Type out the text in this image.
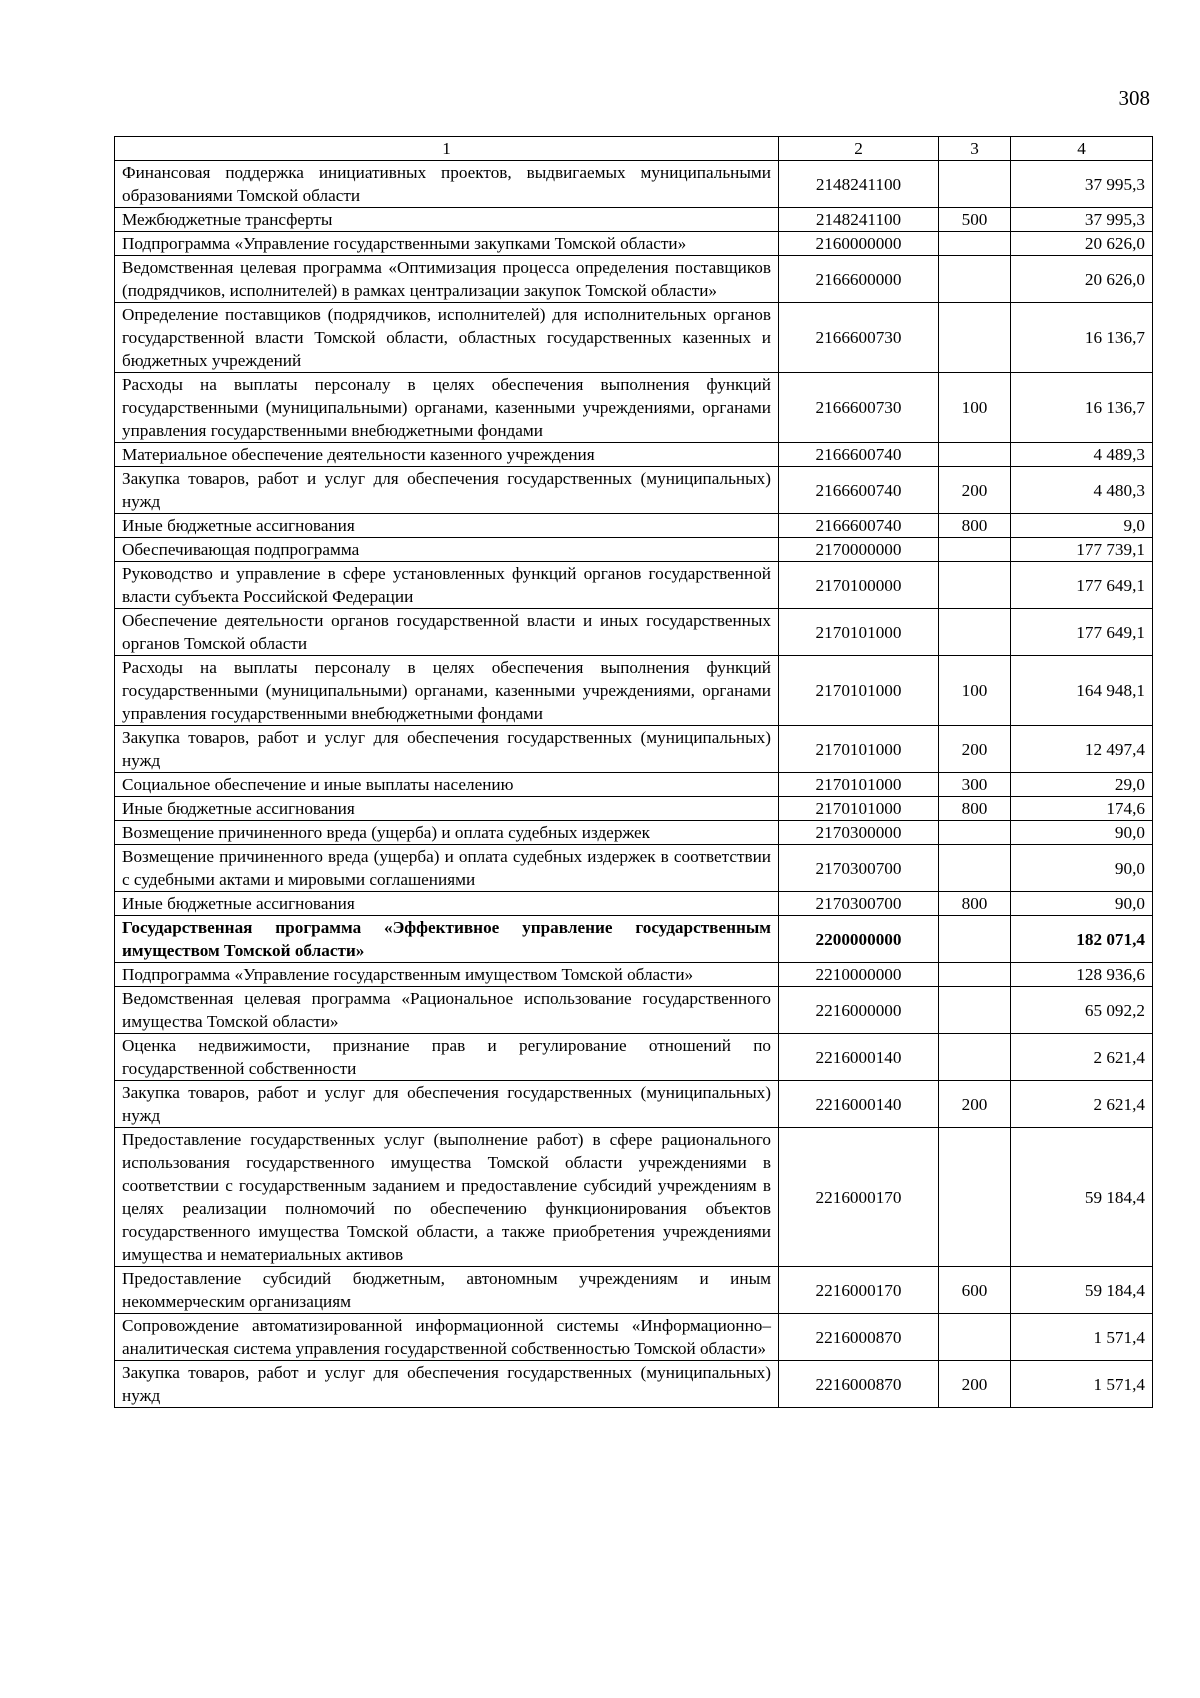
308
1	2	3	4
Финансовая поддержка инициативных проектов, выдвигаемых муниципальными образованиями Томской области	2148241100		37 995,3
Межбюджетные трансферты	2148241100	500	37 995,3
Подпрограмма «Управление государственными закупками Томской области»	2160000000		20 626,0
Ведомственная целевая программа «Оптимизация процесса определения поставщиков (подрядчиков, исполнителей) в рамках централизации закупок Томской области»	2166600000		20 626,0
Определение поставщиков (подрядчиков, исполнителей) для исполнительных органов государственной власти Томской области, областных государственных казенных и бюджетных учреждений	2166600730		16 136,7
Расходы на выплаты персоналу в целях обеспечения выполнения функций государственными (муниципальными) органами, казенными учреждениями, органами управления государственными внебюджетными фондами	2166600730	100	16 136,7
Материальное обеспечение деятельности казенного учреждения	2166600740		4 489,3
Закупка товаров, работ и услуг для обеспечения государственных (муниципальных) нужд	2166600740	200	4 480,3
Иные бюджетные ассигнования	2166600740	800	9,0
Обеспечивающая подпрограмма	2170000000		177 739,1
Руководство и управление в сфере установленных функций органов государственной власти субъекта Российской Федерации	2170100000		177 649,1
Обеспечение деятельности органов государственной власти и иных государственных органов Томской области	2170101000		177 649,1
Расходы на выплаты персоналу в целях обеспечения выполнения функций государственными (муниципальными) органами, казенными учреждениями, органами управления государственными внебюджетными фондами	2170101000	100	164 948,1
Закупка товаров, работ и услуг для обеспечения государственных (муниципальных) нужд	2170101000	200	12 497,4
Социальное обеспечение и иные выплаты населению	2170101000	300	29,0
Иные бюджетные ассигнования	2170101000	800	174,6
Возмещение причиненного вреда (ущерба) и оплата судебных издержек	2170300000		90,0
Возмещение причиненного вреда (ущерба) и оплата судебных издержек в соответствии с судебными актами и мировыми соглашениями	2170300700		90,0
Иные бюджетные ассигнования	2170300700	800	90,0
Государственная программа «Эффективное управление государственным имуществом Томской области»	2200000000		182 071,4
Подпрограмма «Управление государственным имуществом Томской области»	2210000000		128 936,6
Ведомственная целевая программа «Рациональное использование государственного имущества Томской области»	2216000000		65 092,2
Оценка недвижимости, признание прав и регулирование отношений по государственной собственности	2216000140		2 621,4
Закупка товаров, работ и услуг для обеспечения государственных (муниципальных) нужд	2216000140	200	2 621,4
Предоставление государственных услуг (выполнение работ) в сфере рационального использования государственного имущества Томской области учреждениями в соответствии с государственным заданием и предоставление субсидий учреждениям в целях реализации полномочий по обеспечению функционирования объектов государственного имущества Томской области, а также приобретения учреждениями имущества и нематериальных активов	2216000170		59 184,4
Предоставление субсидий бюджетным, автономным учреждениям и иным некоммерческим организациям	2216000170	600	59 184,4
Сопровождение автоматизированной информационной системы «Информационно–аналитическая система управления государственной собственностью Томской области»	2216000870		1 571,4
Закупка товаров, работ и услуг для обеспечения государственных (муниципальных) нужд	2216000870	200	1 571,4
